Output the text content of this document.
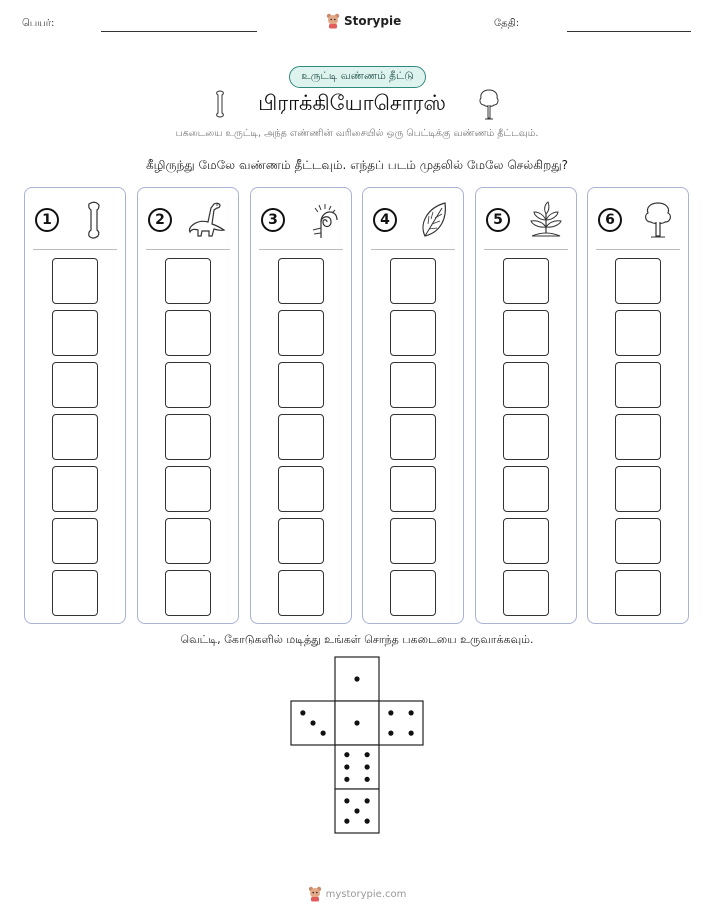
பெயர்:	Storypie	தேதி:
உருட்டி வண்ணம் தீட்டு
பிராக்கியோசொரஸ்
பகடையை உருட்டி, அந்த எண்ணின் வரிசையில் ஒரு பெட்டிக்கு வண்ணம் தீட்டவும்.
கீழிருந்து மேலே வண்ணம் தீட்டவும். எந்தப் படம் முதலில் மேலே செல்கிறது?
1	2	3	4	5	6
வெட்டி, கோடுகளில் மடித்து உங்கள் சொந்த பகடையை உருவாக்கவும்.
mystorypie.com
